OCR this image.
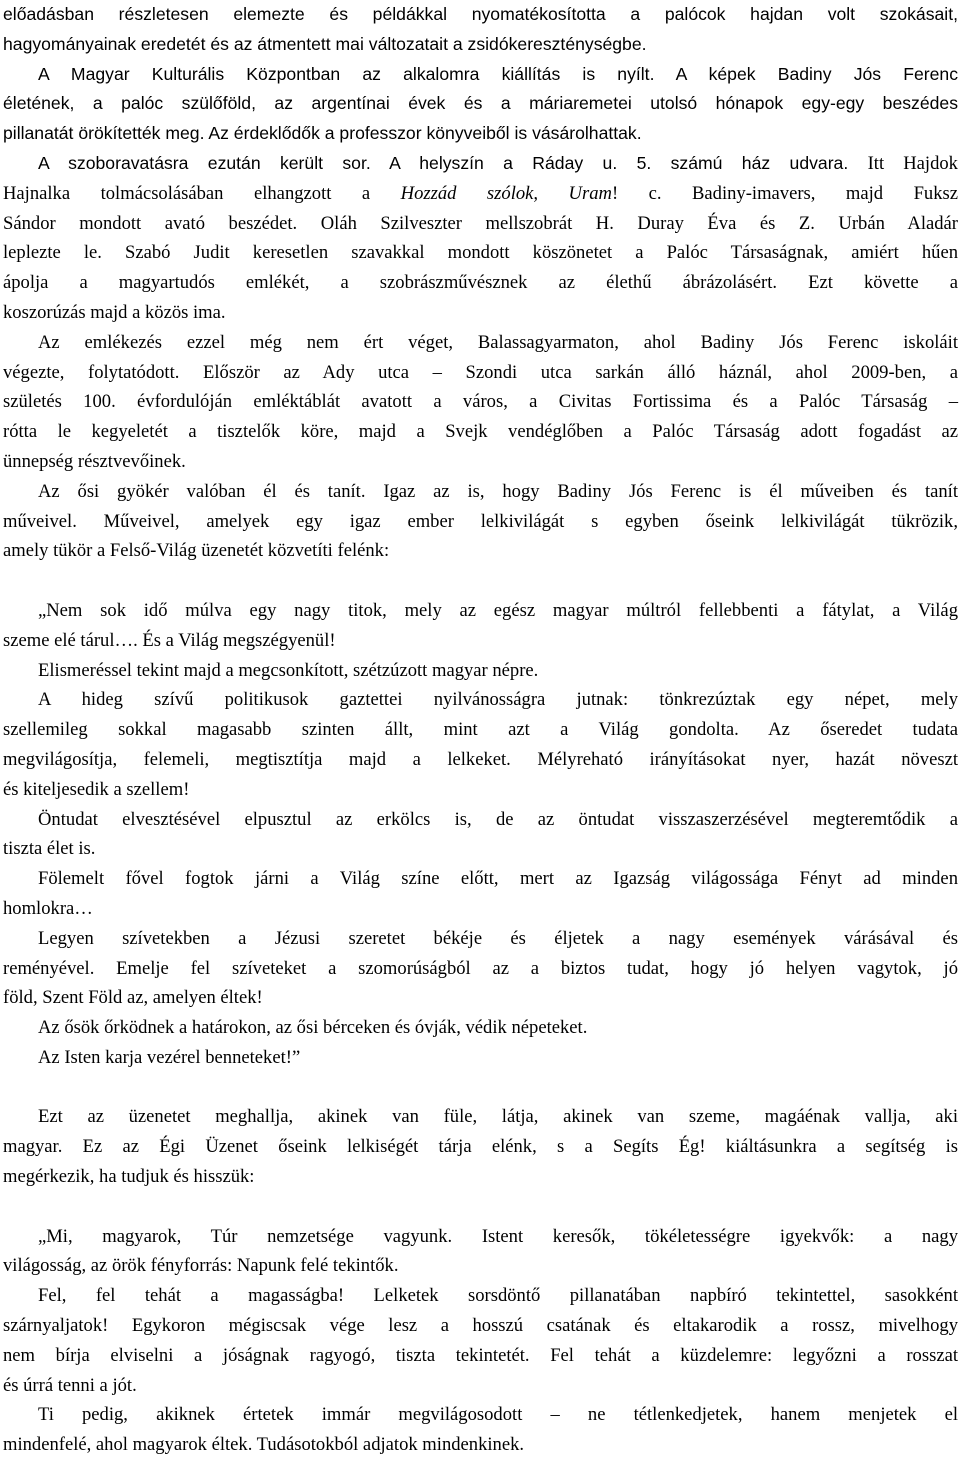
előadásban részletesen elemezte és példákkal nyomatékosította a palócok hajdan volt szokásait,
hagyományainak eredetét és az átmentett mai változatait a zsidókereszténységbe.
A Magyar Kulturális Központban az alkalomra kiállítás is nyílt. A képek Badiny Jós Ferenc
életének, a palóc szülőföld, az argentínai évek és a máriaremetei utolsó hónapok egy-egy beszédes
pillanatát örökítették meg. Az érdeklődők a professzor könyveiből is vásárolhattak.
A szoboravatásra ezután került sor. A helyszín a Ráday u. 5. számú ház udvara. Itt Hajdok
Hajnalka tolmácsolásában elhangzott a Hozzád szólok, Uram! c. Badiny-imavers, majd Fuksz
Sándor mondott avató beszédet. Oláh Szilveszter mellszobrát H. Duray Éva és Z. Urbán Aladár
leplezte le. Szabó Judit keresetlen szavakkal mondott köszönetet a Palóc Társaságnak, amiért hűen
ápolja a magyartudós emlékét, a szobrászművésznek az élethű ábrázolásért. Ezt követte a
koszorúzás majd a közös ima.
Az emlékezés ezzel még nem ért véget, Balassagyarmaton, ahol Badiny Jós Ferenc iskoláit
végezte, folytatódott. Először az Ady utca – Szondi utca sarkán álló háznál, ahol 2009-ben, a
születés 100. évfordulóján emléktáblát avatott a város, a Civitas Fortissima és a Palóc Társaság –
rótta le kegyeletét a tisztelők köre, majd a Svejk vendéglőben a Palóc Társaság adott fogadást az
ünnepség résztvevőinek.
Az ősi gyökér valóban él és tanít. Igaz az is, hogy Badiny Jós Ferenc is él műveiben és tanít
műveivel. Műveivel, amelyek egy igaz ember lelkivilágát s egyben őseink lelkivilágát tükrözik,
amely tükör a Felső-Világ üzenetét közvetíti felénk:
„Nem sok idő múlva egy nagy titok, mely az egész magyar múltról fellebbenti a fátylat, a Világ
szeme elé tárul…. És a Világ megszégyenül!
Elismeréssel tekint majd a megcsonkított, szétzúzott magyar népre.
A hideg szívű politikusok gaztettei nyilvánosságra jutnak: tönkrezúztak egy népet, mely
szellemileg sokkal magasabb szinten állt, mint azt a Világ gondolta. Az őseredet tudata
megvilágosítja, felemeli, megtisztítja majd a lelkeket. Mélyreható irányításokat nyer, hazát növeszt
és kiteljesedik a szellem!
Öntudat elvesztésével elpusztul az erkölcs is, de az öntudat visszaszerzésével megteremtődik a
tiszta élet is.
Fölemelt fővel fogtok járni a Világ színe előtt, mert az Igazság világossága Fényt ad minden
homlokra…
Legyen szívetekben a Jézusi szeretet békéje és éljetek a nagy események várásával és
reményével. Emelje fel szíveteket a szomorúságból az a biztos tudat, hogy jó helyen vagytok, jó
föld, Szent Föld az, amelyen éltek!
Az ősök őrködnek a határokon, az ősi bérceken és óvják, védik népeteket.
Az Isten karja vezérel benneteket!”
Ezt az üzenetet meghallja, akinek van füle, látja, akinek van szeme, magáénak vallja, aki
magyar. Ez az Égi Üzenet őseink lelkiségét tárja elénk, s a Segíts Ég! kiáltásunkra a segítség is
megérkezik, ha tudjuk és hisszük:
„Mi, magyarok, Túr nemzetsége vagyunk. Istent keresők, tökéletességre igyekvők: a nagy
világosság, az örök fényforrás: Napunk felé tekintők.
Fel, fel tehát a magasságba! Lelketek sorsdöntő pillanatában napbíró tekintettel, sasokként
szárnyaljatok! Egykoron mégiscsak vége lesz a hosszú csatának és eltakarodik a rossz, mivelhogy
nem bírja elviselni a jóságnak ragyogó, tiszta tekintetét. Fel tehát a küzdelemre: legyőzni a rosszat
és úrrá tenni a jót.
Ti pedig, akiknek értetek immár megvilágosodott – ne tétlenkedjetek, hanem menjetek el
mindenfelé, ahol magyarok éltek. Tudásotokból adjatok mindenkinek.
